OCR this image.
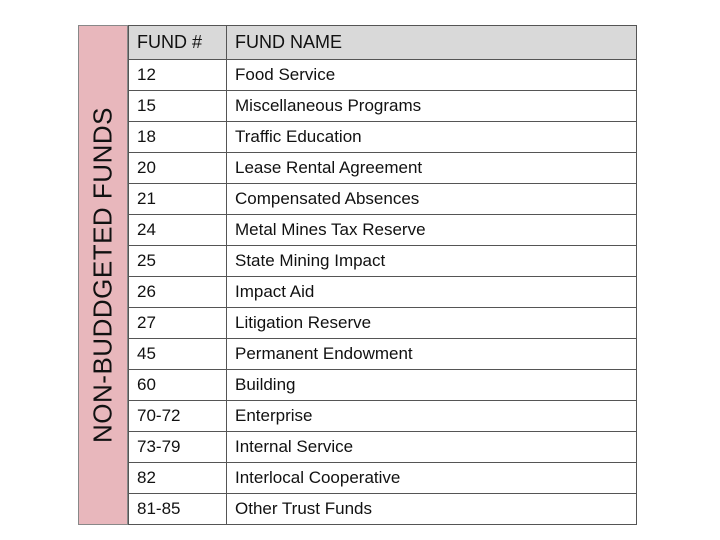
NON-BUDDGETED FUNDS
FUND #	FUND NAME
12	Food Service
15	Miscellaneous Programs
18	Traffic Education
20	Lease Rental Agreement
21	Compensated Absences
24	Metal Mines Tax Reserve
25	State Mining Impact
26	Impact Aid
27	Litigation Reserve
45	Permanent Endowment
60	Building
70-72	Enterprise
73-79	Internal Service
82	Interlocal Cooperative
81-85	Other Trust Funds
